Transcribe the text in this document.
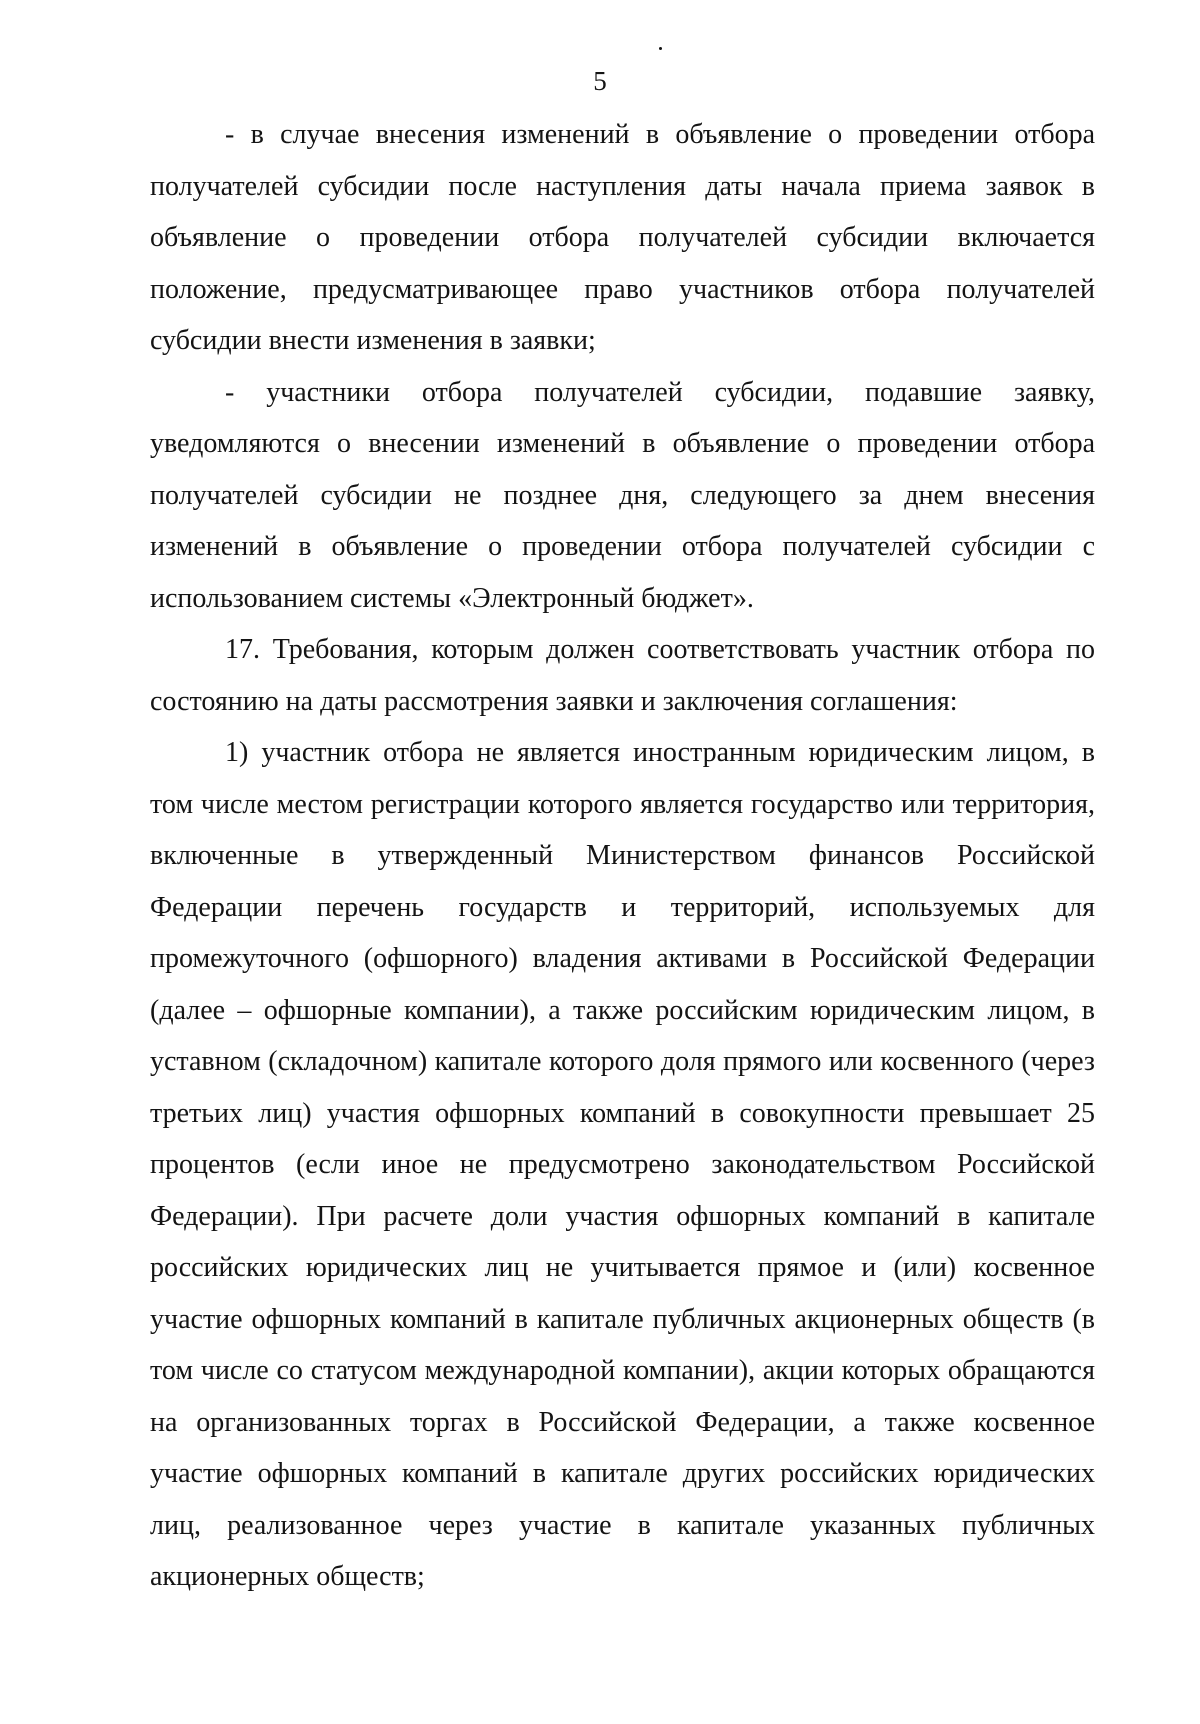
5

- в случае внесения изменений в объявление о проведении отбора получателей субсидии после наступления даты начала приема заявок в объявление о проведении отбора получателей субсидии включается положение, предусматривающее право участников отбора получателей субсидии внести изменения в заявки;

- участники отбора получателей субсидии, подавшие заявку, уведомляются о внесении изменений в объявление о проведении отбора получателей субсидии не позднее дня, следующего за днем внесения изменений в объявление о проведении отбора получателей субсидии с использованием системы «Электронный бюджет».

17. Требования, которым должен соответствовать участник отбора по состоянию на даты рассмотрения заявки и заключения соглашения:

1) участник отбора не является иностранным юридическим лицом, в том числе местом регистрации которого является государство или территория, включенные в утвержденный Министерством финансов Российской Федерации перечень государств и территорий, используемых для промежуточного (офшорного) владения активами в Российской Федерации (далее – офшорные компании), а также российским юридическим лицом, в уставном (складочном) капитале которого доля прямого или косвенного (через третьих лиц) участия офшорных компаний в совокупности превышает 25 процентов (если иное не предусмотрено законодательством Российской Федерации). При расчете доли участия офшорных компаний в капитале российских юридических лиц не учитывается прямое и (или) косвенное участие офшорных компаний в капитале публичных акционерных обществ (в том числе со статусом международной компании), акции которых обращаются на организованных торгах в Российской Федерации, а также косвенное участие офшорных компаний в капитале других российских юридических лиц, реализованное через участие в капитале указанных публичных акционерных обществ;
